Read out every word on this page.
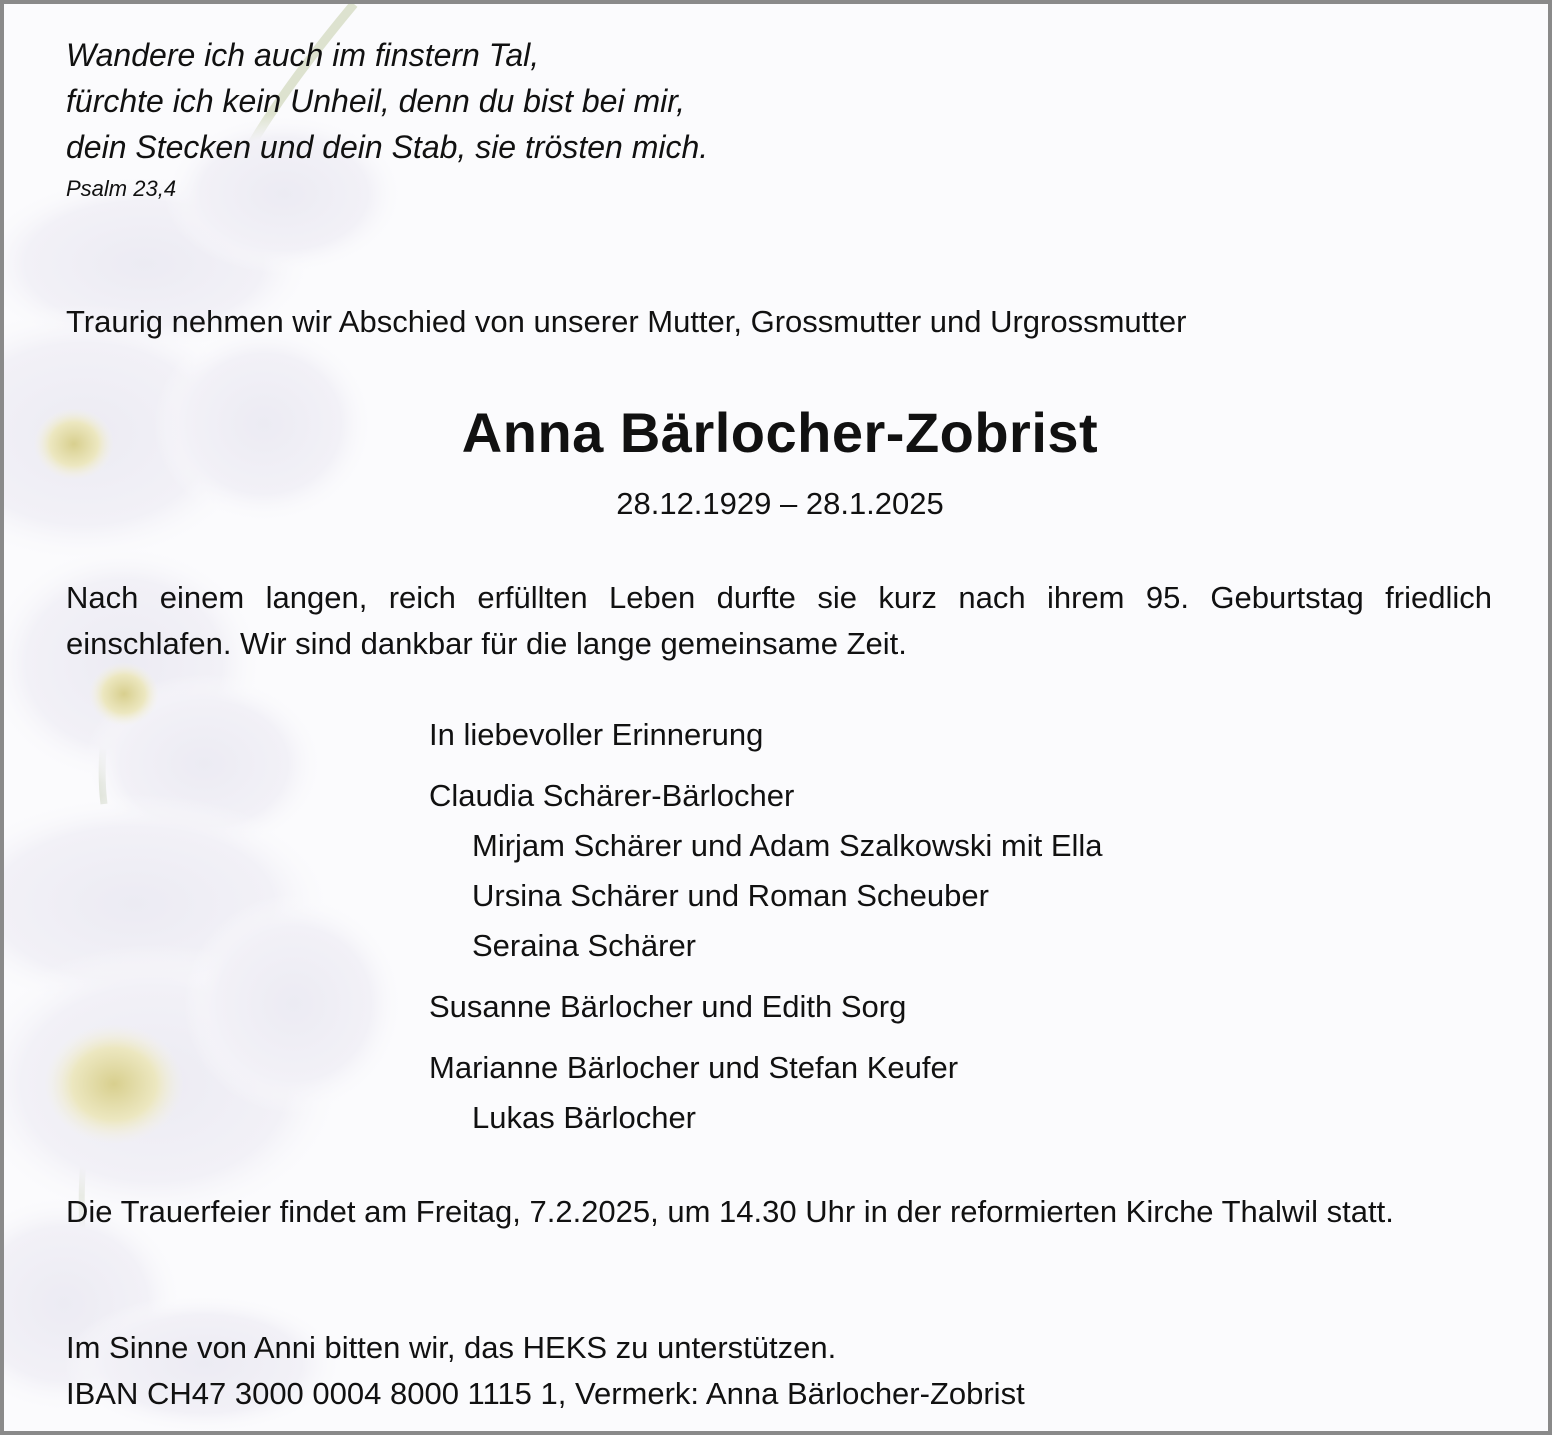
Wandere ich auch im finstern Tal,
fürchte ich kein Unheil, denn du bist bei mir,
dein Stecken und dein Stab, sie trösten mich.
Psalm 23,4
Traurig nehmen wir Abschied von unserer Mutter, Grossmutter und Urgrossmutter
Anna Bärlocher-Zobrist
28.12.1929 – 28.1.2025
Nach einem langen, reich erfüllten Leben durfte sie kurz nach ihrem 95. Geburtstag friedlich einschlafen. Wir sind dankbar für die lange gemeinsame Zeit.
In liebevoller Erinnerung
Claudia Schärer-Bärlocher
Mirjam Schärer und Adam Szalkowski mit Ella
Ursina Schärer und Roman Scheuber
Seraina Schärer
Susanne Bärlocher und Edith Sorg
Marianne Bärlocher und Stefan Keufer
Lukas Bärlocher
Die Trauerfeier findet am Freitag, 7.2.2025, um 14.30 Uhr in der reformierten Kirche Thalwil statt.
Im Sinne von Anni bitten wir, das HEKS zu unterstützen.
IBAN CH47 3000 0004 8000 1115 1, Vermerk: Anna Bärlocher-Zobrist
